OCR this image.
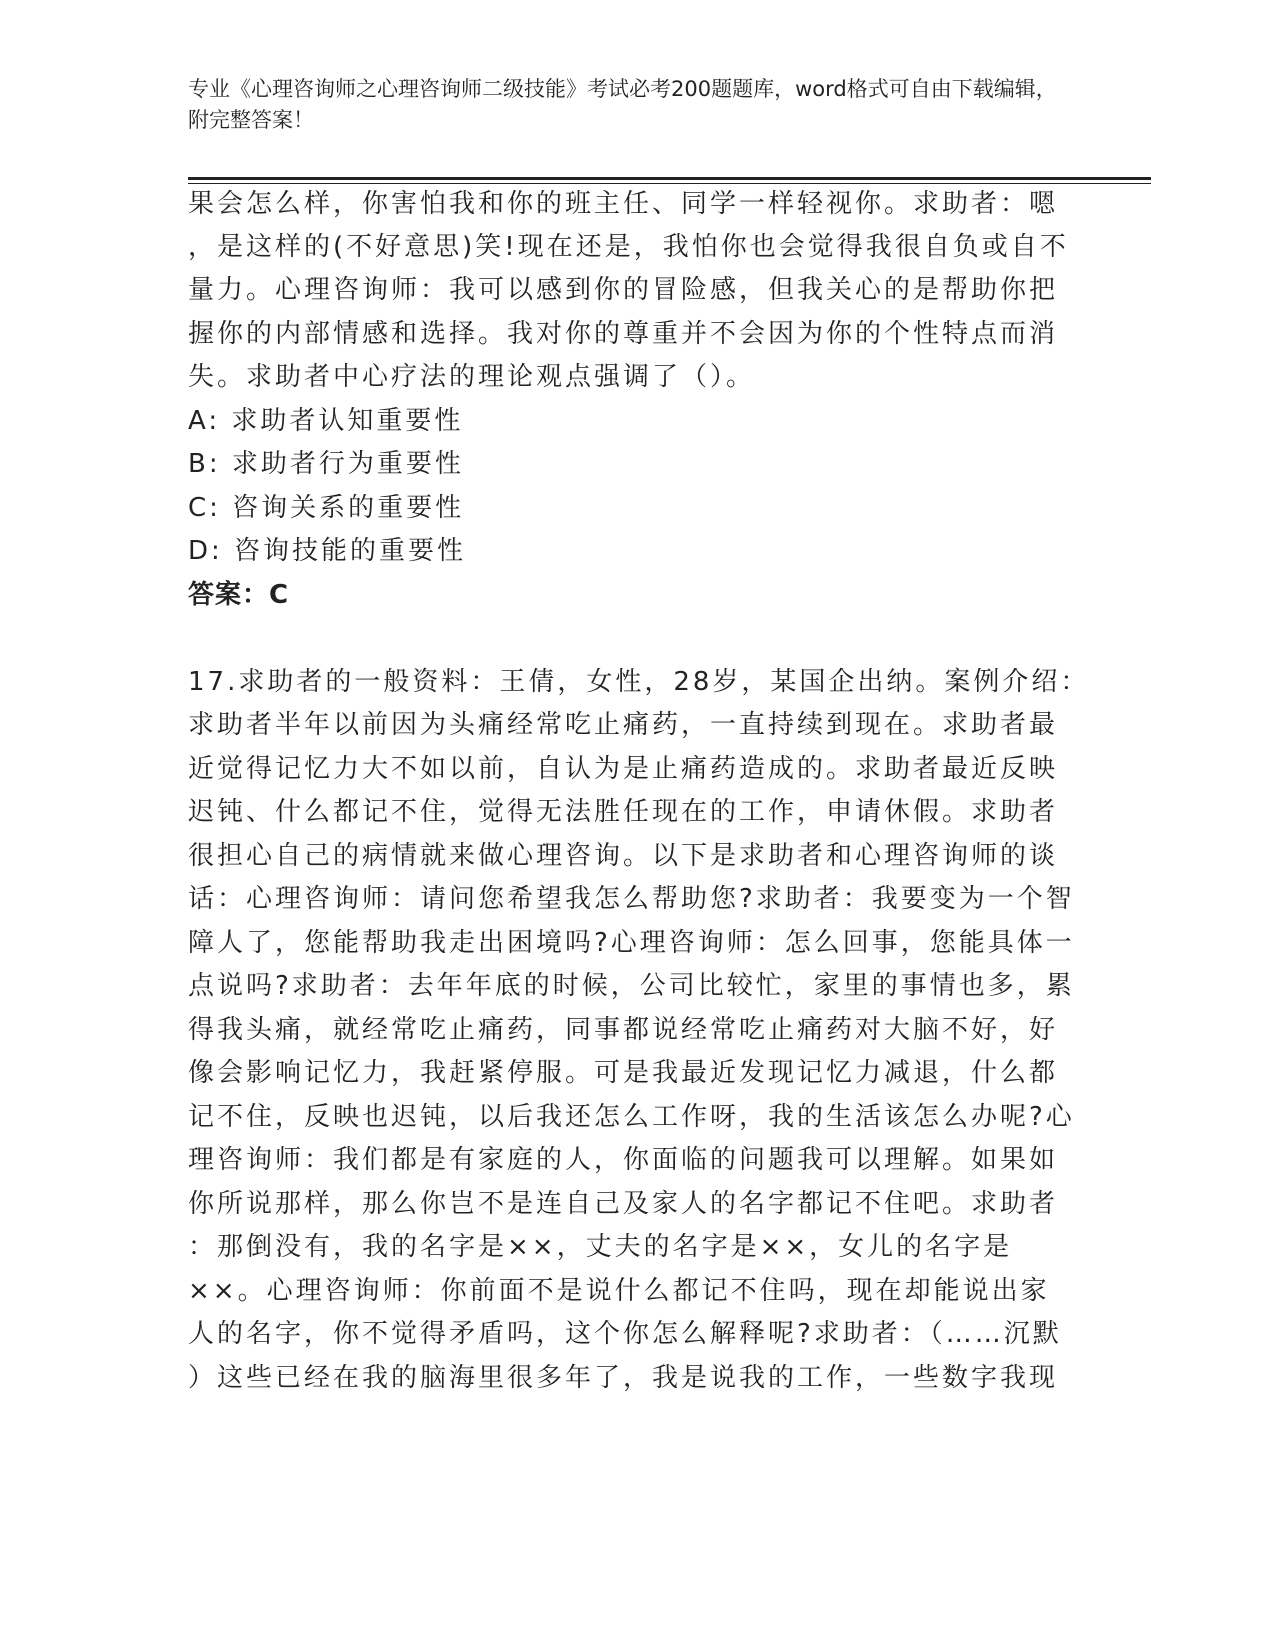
专业《心理咨询师之心理咨询师二级技能》考试必考200题题库，word格式可自由下载编辑，附完整答案！
果会怎么样，你害怕我和你的班主任、同学一样轻视你。求助者：嗯
，是这样的(不好意思)笑!现在还是，我怕你也会觉得我很自负或自不
量力。心理咨询师：我可以感到你的冒险感，但我关心的是帮助你把
握你的内部情感和选择。我对你的尊重并不会因为你的个性特点而消
失。求助者中心疗法的理论观点强调了（）。
A: 求助者认知重要性
B: 求助者行为重要性
C: 咨询关系的重要性
D: 咨询技能的重要性
答案：C
17.求助者的一般资料：王倩，女性，28岁，某国企出纳。案例介绍：
求助者半年以前因为头痛经常吃止痛药，一直持续到现在。求助者最
近觉得记忆力大不如以前，自认为是止痛药造成的。求助者最近反映
迟钝、什么都记不住，觉得无法胜任现在的工作，申请休假。求助者
很担心自己的病情就来做心理咨询。以下是求助者和心理咨询师的谈
话：心理咨询师：请问您希望我怎么帮助您?求助者：我要变为一个智
障人了，您能帮助我走出困境吗?心理咨询师：怎么回事，您能具体一
点说吗?求助者：去年年底的时候，公司比较忙，家里的事情也多，累
得我头痛，就经常吃止痛药，同事都说经常吃止痛药对大脑不好，好
像会影响记忆力，我赶紧停服。可是我最近发现记忆力减退，什么都
记不住，反映也迟钝，以后我还怎么工作呀，我的生活该怎么办呢?心
理咨询师：我们都是有家庭的人，你面临的问题我可以理解。如果如
你所说那样，那么你岂不是连自己及家人的名字都记不住吧。求助者
：那倒没有，我的名字是××，丈夫的名字是××，女儿的名字是
××。心理咨询师：你前面不是说什么都记不住吗，现在却能说出家
人的名字，你不觉得矛盾吗，这个你怎么解释呢?求助者：（……沉默
）这些已经在我的脑海里很多年了，我是说我的工作，一些数字我现
